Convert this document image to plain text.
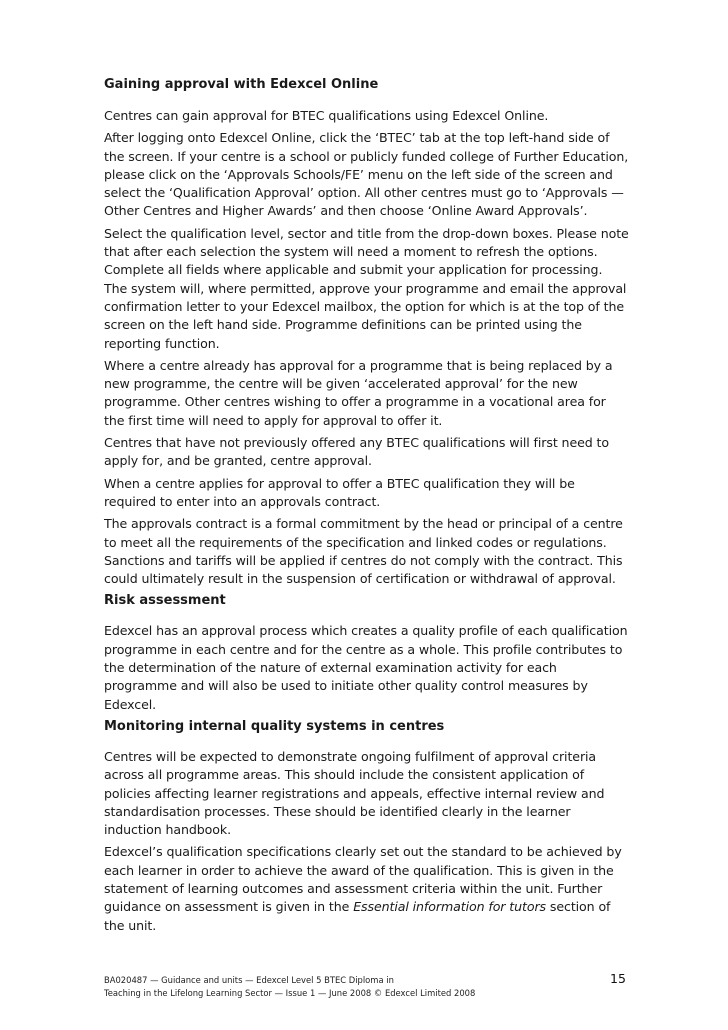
Gaining approval with Edexcel Online

Centres can gain approval for BTEC qualifications using Edexcel Online.

After logging onto Edexcel Online, click the ‘BTEC’ tab at the top left-hand side of the screen. If your centre is a school or publicly funded college of Further Education, please click on the ‘Approvals Schools/FE’ menu on the left side of the screen and select the ‘Qualification Approval’ option. All other centres must go to ‘Approvals — Other Centres and Higher Awards’ and then choose ‘Online Award Approvals’.

Select the qualification level, sector and title from the drop-down boxes. Please note that after each selection the system will need a moment to refresh the options. Complete all fields where applicable and submit your application for processing. The system will, where permitted, approve your programme and email the approval confirmation letter to your Edexcel mailbox, the option for which is at the top of the screen on the left hand side. Programme definitions can be printed using the reporting function.

Where a centre already has approval for a programme that is being replaced by a new programme, the centre will be given ‘accelerated approval’ for the new programme. Other centres wishing to offer a programme in a vocational area for the first time will need to apply for approval to offer it.

Centres that have not previously offered any BTEC qualifications will first need to apply for, and be granted, centre approval.

When a centre applies for approval to offer a BTEC qualification they will be required to enter into an approvals contract.

The approvals contract is a formal commitment by the head or principal of a centre to meet all the requirements of the specification and linked codes or regulations. Sanctions and tariffs will be applied if centres do not comply with the contract. This could ultimately result in the suspension of certification or withdrawal of approval.

Risk assessment

Edexcel has an approval process which creates a quality profile of each qualification programme in each centre and for the centre as a whole. This profile contributes to the determination of the nature of external examination activity for each programme and will also be used to initiate other quality control measures by Edexcel.

Monitoring internal quality systems in centres

Centres will be expected to demonstrate ongoing fulfilment of approval criteria across all programme areas. This should include the consistent application of policies affecting learner registrations and appeals, effective internal review and standardisation processes. These should be identified clearly in the learner induction handbook.

Edexcel’s qualification specifications clearly set out the standard to be achieved by each learner in order to achieve the award of the qualification. This is given in the statement of learning outcomes and assessment criteria within the unit. Further guidance on assessment is given in the Essential information for tutors section of the unit.

BA020487 — Guidance and units — Edexcel Level 5 BTEC Diploma in
Teaching in the Lifelong Learning Sector — Issue 1 — June 2008 © Edexcel Limited 2008
15
